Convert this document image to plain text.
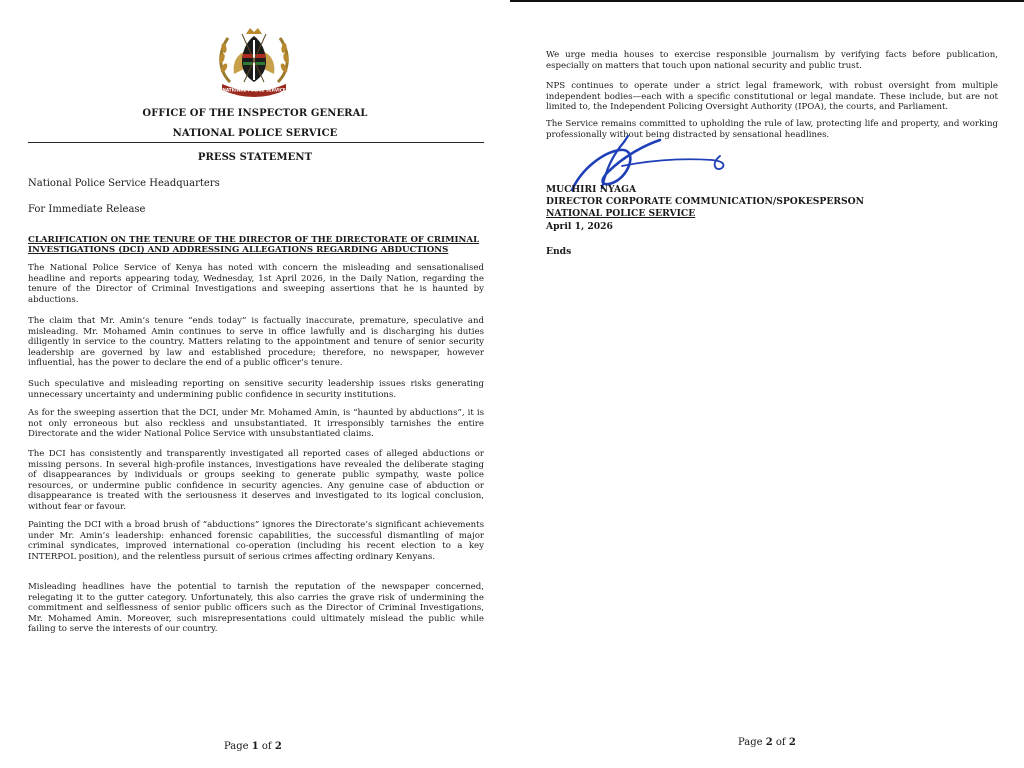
NATIONAL POLICE SERVICE
OFFICE OF THE INSPECTOR GENERAL
NATIONAL POLICE SERVICE
PRESS STATEMENT
National Police Service Headquarters
For Immediate Release
CLARIFICATION ON THE TENURE OF THE DIRECTOR OF THE DIRECTORATE OF CRIMINAL INVESTIGATIONS (DCI) AND ADDRESSING ALLEGATIONS REGARDING ABDUCTIONS

The National Police Service of Kenya has noted with concern the misleading and sensationalised headline and reports appearing today, Wednesday, 1st April 2026, in the Daily Nation, regarding the tenure of the Director of Criminal Investigations and sweeping assertions that he is haunted by abductions.

The claim that Mr. Amin’s tenure “ends today” is factually inaccurate, premature, speculative and misleading. Mr. Mohamed Amin continues to serve in office lawfully and is discharging his duties diligently in service to the country. Matters relating to the appointment and tenure of senior security leadership are governed by law and established procedure; therefore, no newspaper, however influential, has the power to declare the end of a public officer’s tenure.

Such speculative and misleading reporting on sensitive security leadership issues risks generating unnecessary uncertainty and undermining public confidence in security institutions.

As for the sweeping assertion that the DCI, under Mr. Mohamed Amin, is “haunted by abductions”, it is not only erroneous but also reckless and unsubstantiated. It irresponsibly tarnishes the entire Directorate and the wider National Police Service with unsubstantiated claims.

The DCI has consistently and transparently investigated all reported cases of alleged abductions or missing persons. In several high-profile instances, investigations have revealed the deliberate staging of disappearances by individuals or groups seeking to generate public sympathy, waste police resources, or undermine public confidence in security agencies. Any genuine case of abduction or disappearance is treated with the seriousness it deserves and investigated to its logical conclusion, without fear or favour.

Painting the DCI with a broad brush of “abductions” ignores the Directorate’s significant achievements under Mr. Amin’s leadership: enhanced forensic capabilities, the successful dismantling of major criminal syndicates, improved international co-operation (including his recent election to a key INTERPOL position), and the relentless pursuit of serious crimes affecting ordinary Kenyans.

Misleading headlines have the potential to tarnish the reputation of the newspaper concerned, relegating it to the gutter category. Unfortunately, this also carries the grave risk of undermining the commitment and selflessness of senior public officers such as the Director of Criminal Investigations, Mr. Mohamed Amin. Moreover, such misrepresentations could ultimately mislead the public while failing to serve the interests of our country.

Page 1 of 2

We urge media houses to exercise responsible journalism by verifying facts before publication, especially on matters that touch upon national security and public trust.

NPS continues to operate under a strict legal framework, with robust oversight from multiple independent bodies—each with a specific constitutional or legal mandate. These include, but are not limited to, the Independent Policing Oversight Authority (IPOA), the courts, and Parliament.

The Service remains committed to upholding the rule of law, protecting life and property, and working professionally without being distracted by sensational headlines.

MUCHIRI NYAGA
DIRECTOR CORPORATE COMMUNICATION/SPOKESPERSON
NATIONAL POLICE SERVICE
April 1, 2026
Ends
Page 2 of 2
